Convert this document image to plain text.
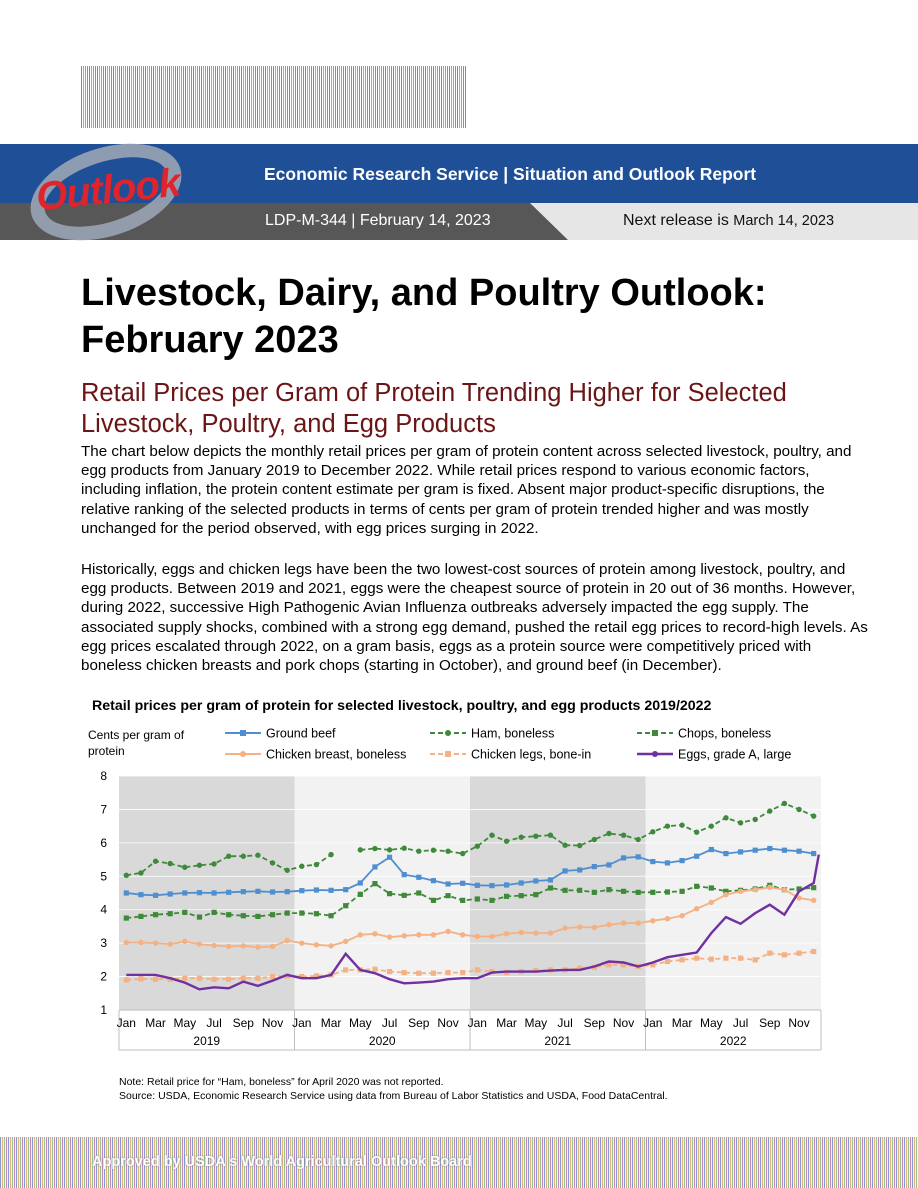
Outlook	Economic Research Service | Situation and Outlook Report
LDP-M-344 | February 14, 2023	Next release is March 14, 2023
Livestock, Dairy, and Poultry Outlook:
February 2023
Retail Prices per Gram of Protein Trending Higher for Selected Livestock, Poultry, and Egg Products

The chart below depicts the monthly retail prices per gram of protein content across selected livestock, poultry, and egg products from January 2019 to December 2022. While retail prices respond to various economic factors, including inflation, the protein content estimate per gram is fixed. Absent major product-specific disruptions, the relative ranking of the selected products in terms of cents per gram of protein trended higher and was mostly unchanged for the period observed, with egg prices surging in 2022.

Historically, eggs and chicken legs have been the two lowest-cost sources of protein among livestock, poultry, and egg products. Between 2019 and 2021, eggs were the cheapest source of protein in 20 out of 36 months. However, during 2022, successive High Pathogenic Avian Influenza outbreaks adversely impacted the egg supply. The associated supply shocks, combined with a strong egg demand, pushed the retail egg prices to record-high levels. As egg prices escalated through 2022, on a gram basis, eggs as a protein source were competitively priced with boneless chicken breasts and pork chops (starting in October), and ground beef (in December).

Retail prices per gram of protein for selected livestock, poultry, and egg products 2019/2022
1
2
3
4
5
6
7
8
Cents per gram of
protein
Jan Mar May Jul Sep Nov
2019
Jan Mar May Jul Sep Nov
2020
Jan Mar May Jul Sep Nov
2021
Jan Mar May Jul Sep Nov
2022
Ground beef	Ham, boneless	Chops, boneless
Chicken breast, boneless	Chicken legs, bone-in	Eggs, grade A, large
Note: Retail price for “Ham, boneless” for April 2020 was not reported.
Source: USDA, Economic Research Service using data from Bureau of Labor Statistics and USDA, Food DataCentral.
Approved by USDA s World Agricultural Outlook Board
